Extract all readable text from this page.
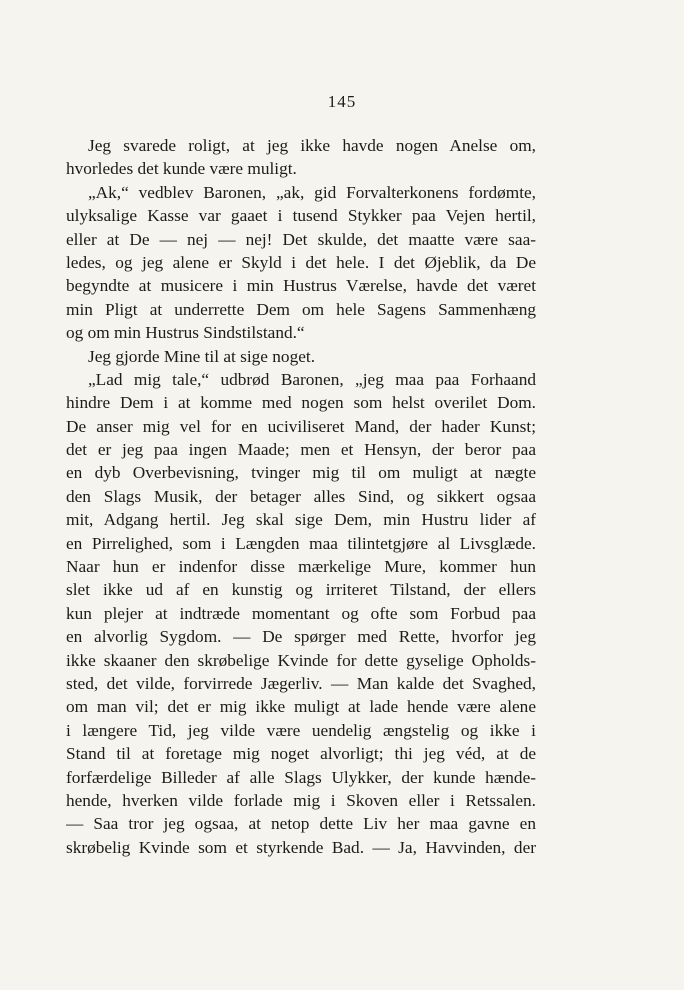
145
Jeg svarede roligt, at jeg ikke havde nogen Anelse om,
hvorledes det kunde være muligt.
„Ak,“ vedblev Baronen, „ak, gid Forvalterkonens fordømte,
ulyksalige Kasse var gaaet i tusend Stykker paa Vejen hertil,
eller at De — nej — nej! Det skulde, det maatte være saa-
ledes, og jeg alene er Skyld i det hele. I det Øjeblik, da De
begyndte at musicere i min Hustrus Værelse, havde det været
min Pligt at underrette Dem om hele Sagens Sammenhæng
og om min Hustrus Sindstilstand.“
Jeg gjorde Mine til at sige noget.
„Lad mig tale,“ udbrød Baronen, „jeg maa paa Forhaand
hindre Dem i at komme med nogen som helst overilet Dom.
De anser mig vel for en uciviliseret Mand, der hader Kunst;
det er jeg paa ingen Maade; men et Hensyn, der beror paa
en dyb Overbevisning, tvinger mig til om muligt at nægte
den Slags Musik, der betager alles Sind, og sikkert ogsaa
mit, Adgang hertil. Jeg skal sige Dem, min Hustru lider af
en Pirrelighed, som i Længden maa tilintetgjøre al Livsglæde.
Naar hun er indenfor disse mærkelige Mure, kommer hun
slet ikke ud af en kunstig og irriteret Tilstand, der ellers
kun plejer at indtræde momentant og ofte som Forbud paa
en alvorlig Sygdom. — De spørger med Rette, hvorfor jeg
ikke skaaner den skrøbelige Kvinde for dette gyselige Opholds-
sted, det vilde, forvirrede Jægerliv. — Man kalde det Svaghed,
om man vil; det er mig ikke muligt at lade hende være alene
i længere Tid, jeg vilde være uendelig ængstelig og ikke i
Stand til at foretage mig noget alvorligt; thi jeg véd, at de
forfærdelige Billeder af alle Slags Ulykker, der kunde hænde-
hende, hverken vilde forlade mig i Skoven eller i Retssalen.
— Saa tror jeg ogsaa, at netop dette Liv her maa gavne en
skrøbelig Kvinde som et styrkende Bad. — Ja, Havvinden, der
